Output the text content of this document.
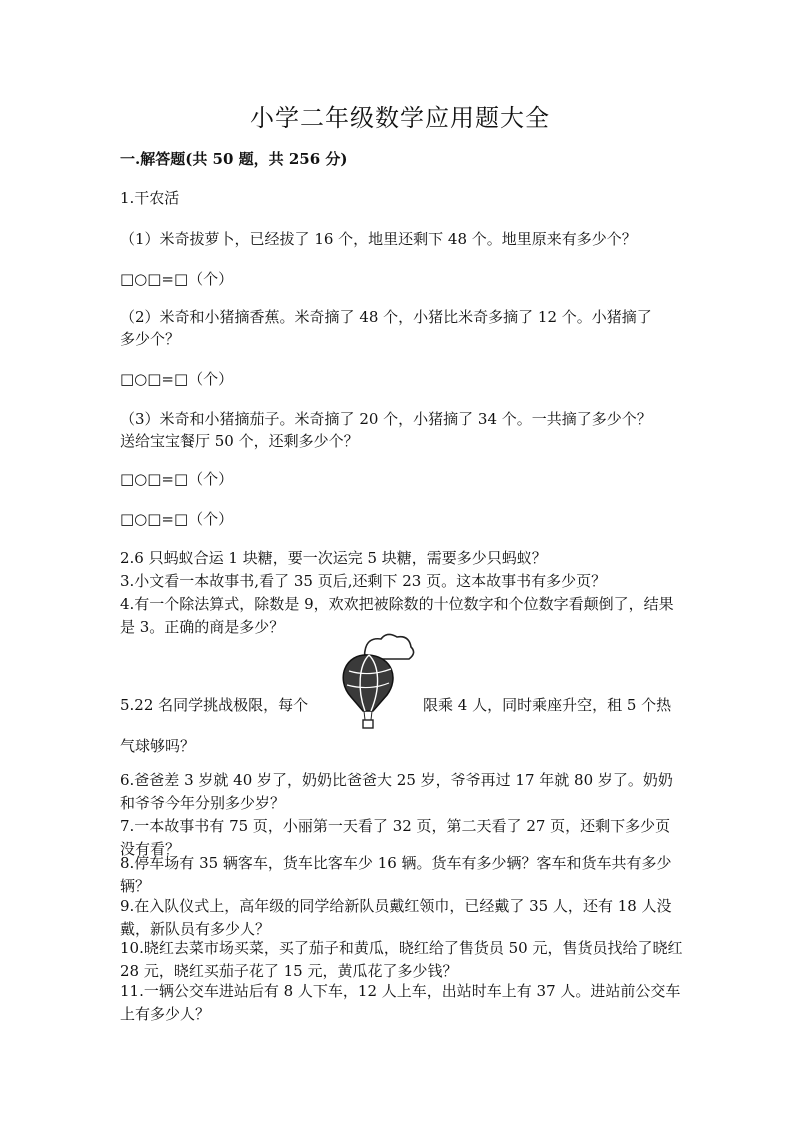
小学二年级数学应用题大全
一.解答题(共 50 题，共 256 分)
1.干农活
（1）米奇拔萝卜，已经拔了 16 个，地里还剩下 48 个。地里原来有多少个？
□○□=□（个）
（2）米奇和小猪摘香蕉。米奇摘了 48 个，小猪比米奇多摘了 12 个。小猪摘了
多少个？
□○□=□（个）
（3）米奇和小猪摘茄子。米奇摘了 20 个，小猪摘了 34 个。一共摘了多少个？
送给宝宝餐厅 50 个，还剩多少个？
□○□=□（个）
□○□=□（个）
2.6 只蚂蚁合运 1 块糖，要一次运完 5 块糖，需要多少只蚂蚁？
3.小文看一本故事书,看了 35 页后,还剩下 23 页。这本故事书有多少页？
4.有一个除法算式，除数是 9，欢欢把被除数的十位数字和个位数字看颠倒了，结果是 3。正确的商是多少？
5.22 名同学挑战极限，每个	限乘 4 人，同时乘座升空，租 5 个热
气球够吗？
6.爸爸差 3 岁就 40 岁了，奶奶比爸爸大 25 岁，爷爷再过 17 年就 80 岁了。奶奶和爷爷今年分别多少岁？
7.一本故事书有 75 页，小丽第一天看了 32 页，第二天看了 27 页，还剩下多少页没有看？
8.停车场有 35 辆客车，货车比客车少 16 辆。货车有多少辆？客车和货车共有多少辆？
9.在入队仪式上，高年级的同学给新队员戴红领巾，已经戴了 35 人，还有 18 人没戴，新队员有多少人？
10.晓红去菜市场买菜，买了茄子和黄瓜，晓红给了售货员 50 元，售货员找给了晓红 28 元，晓红买茄子花了 15 元，黄瓜花了多少钱？
11.一辆公交车进站后有 8 人下车，12 人上车，出站时车上有 37 人。进站前公交车上有多少人？
